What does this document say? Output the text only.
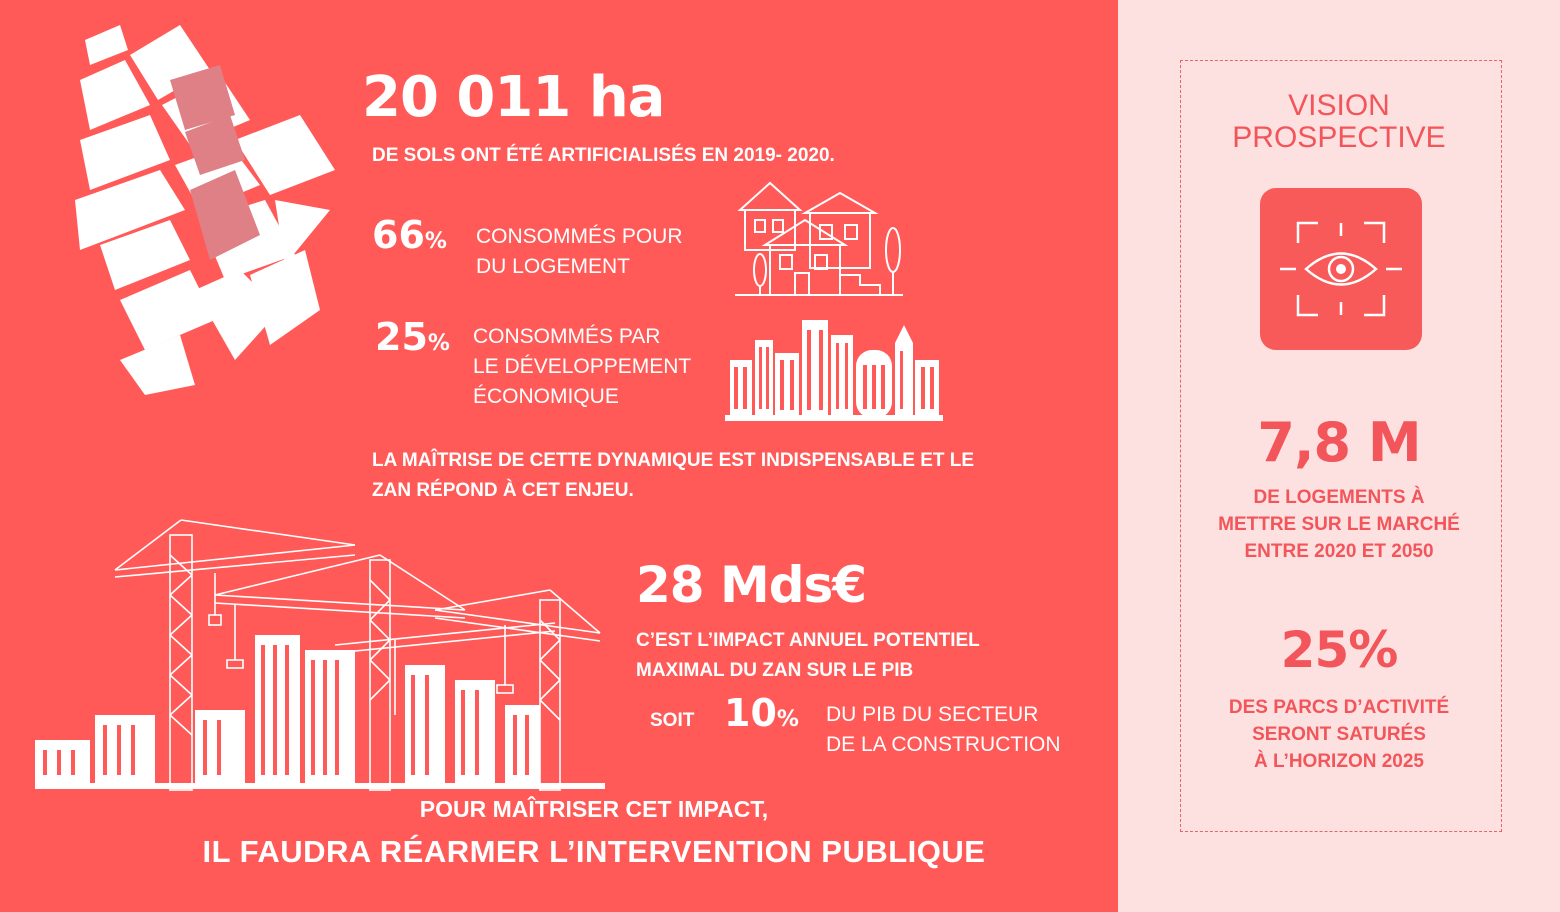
20 011 ha
DE SOLS ONT ÉTÉ ARTIFICIALISÉS EN 2019- 2020.
66% CONSOMMÉS POUR
DU LOGEMENT
25% CONSOMMÉS PAR
LE DÉVELOPPEMENT
ÉCONOMIQUE
LA MAÎTRISE DE CETTE DYNAMIQUE EST INDISPENSABLE ET LE
ZAN RÉPOND À CET ENJEU.
28 Mds€
C’EST L’IMPACT ANNUEL POTENTIEL
MAXIMAL DU ZAN SUR LE PIB
SOIT 10% DU PIB DU SECTEUR
DE LA CONSTRUCTION
POUR MAÎTRISER CET IMPACT,
IL FAUDRA RÉARMER L’INTERVENTION PUBLIQUE
VISION
PROSPECTIVE
7,8 M
DE LOGEMENTS À
METTRE SUR LE MARCHÉ
ENTRE 2020 ET 2050
25%
DES PARCS D’ACTIVITÉ
SERONT SATURÉS
À L’HORIZON 2025
